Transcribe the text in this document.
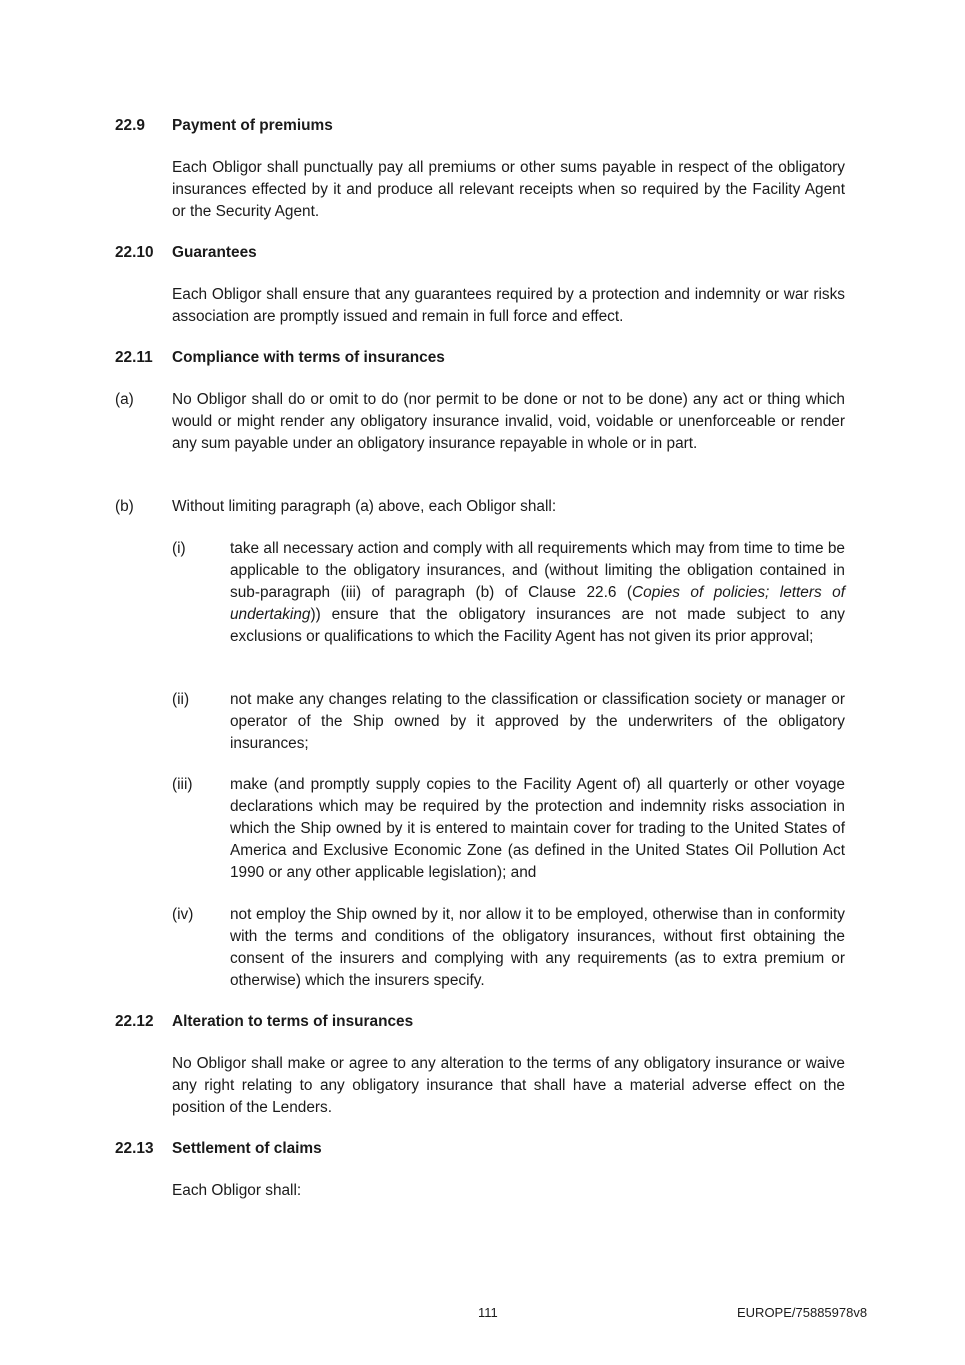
22.9 Payment of premiums
Each Obligor shall punctually pay all premiums or other sums payable in respect of the obligatory insurances effected by it and produce all relevant receipts when so required by the Facility Agent or the Security Agent.
22.10 Guarantees
Each Obligor shall ensure that any guarantees required by a protection and indemnity or war risks association are promptly issued and remain in full force and effect.
22.11 Compliance with terms of insurances
(a) No Obligor shall do or omit to do (nor permit to be done or not to be done) any act or thing which would or might render any obligatory insurance invalid, void, voidable or unenforceable or render any sum payable under an obligatory insurance repayable in whole or in part.
(b) Without limiting paragraph (a) above, each Obligor shall:
(i)	take all necessary action and comply with all requirements which may from time to time be applicable to the obligatory insurances, and (without limiting the obligation contained in sub-paragraph (iii) of paragraph (b) of Clause 22.6 (Copies of policies; letters of undertaking)) ensure that the obligatory insurances are not made subject to any exclusions or qualifications to which the Facility Agent has not given its prior approval;
(ii)	not make any changes relating to the classification or classification society or manager or operator of the Ship owned by it approved by the underwriters of the obligatory insurances;
(iii) make (and promptly supply copies to the Facility Agent of) all quarterly or other voyage declarations which may be required by the protection and indemnity risks association in which the Ship owned by it is entered to maintain cover for trading to the United States of America and Exclusive Economic Zone (as defined in the United States Oil Pollution Act 1990 or any other applicable legislation); and
(iv) not employ the Ship owned by it, nor allow it to be employed, otherwise than in conformity with the terms and conditions of the obligatory insurances, without first obtaining the consent of the insurers and complying with any requirements (as to extra premium or otherwise) which the insurers specify.
22.12 Alteration to terms of insurances
No Obligor shall make or agree to any alteration to the terms of any obligatory insurance or waive any right relating to any obligatory insurance that shall have a material adverse effect on the position of the Lenders.
22.13 Settlement of claims
Each Obligor shall:
111	EUROPE/75885978v8
